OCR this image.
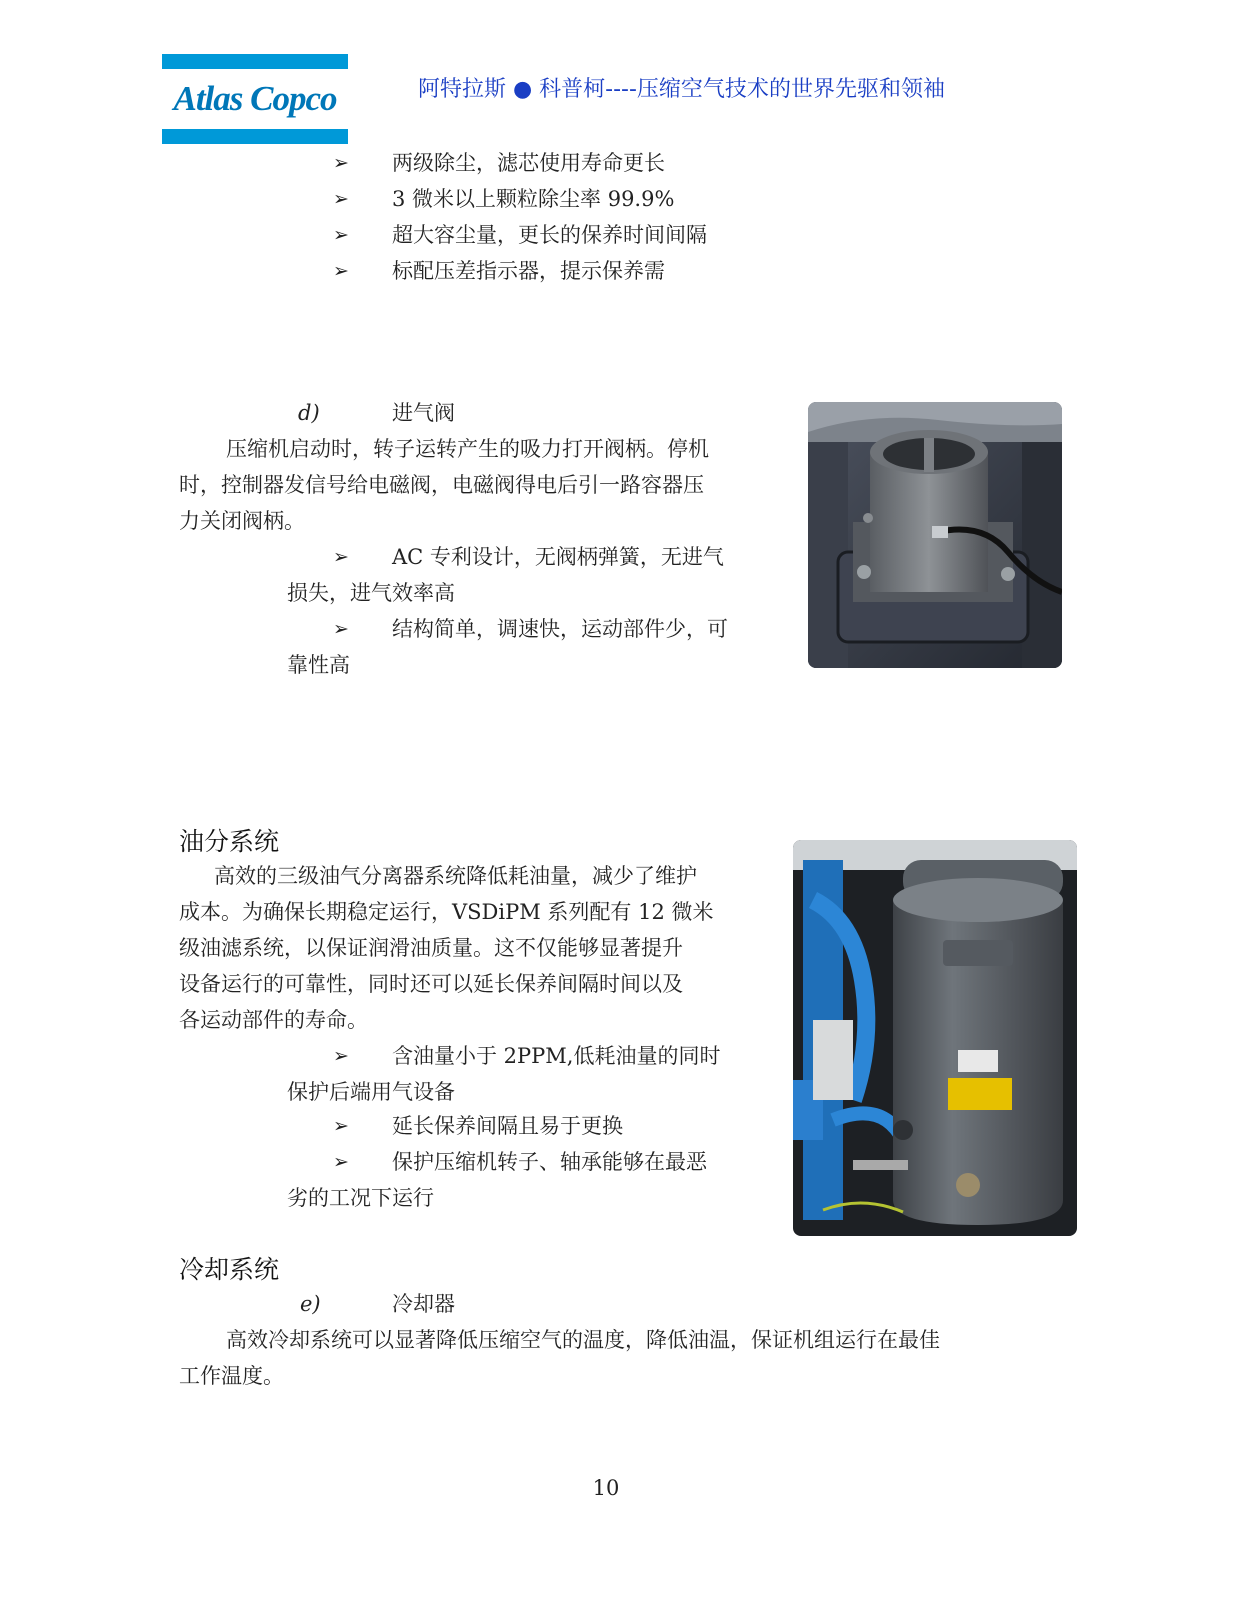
Atlas Copco	阿特拉斯 ● 科普柯----压缩空气技术的世界先驱和领袖
➢ 两级除尘，滤芯使用寿命更长
➢ 3 微米以上颗粒除尘率 99.9%
➢ 超大容尘量，更长的保养时间间隔
➢ 标配压差指示器，提示保养需
d)	进气阀
压缩机启动时，转子运转产生的吸力打开阀柄。停机
时，控制器发信号给电磁阀，电磁阀得电后引一路容器压
力关闭阀柄。
➢ AC 专利设计，无阀柄弹簧，无进气
损失，进气效率高
➢ 结构简单，调速快，运动部件少，可
靠性高
油分系统
高效的三级油气分离器系统降低耗油量，减少了维护
成本。为确保长期稳定运行，VSDiPM 系列配有 12 微米
级油滤系统，以保证润滑油质量。这不仅能够显著提升
设备运行的可靠性，同时还可以延长保养间隔时间以及
各运动部件的寿命。
➢ 含油量小于 2PPM,低耗油量的同时
保护后端用气设备
➢ 延长保养间隔且易于更换
➢ 保护压缩机转子、轴承能够在最恶
劣的工况下运行
冷却系统
e)	冷却器
高效冷却系统可以显著降低压缩空气的温度，降低油温，保证机组运行在最佳
工作温度。
10
